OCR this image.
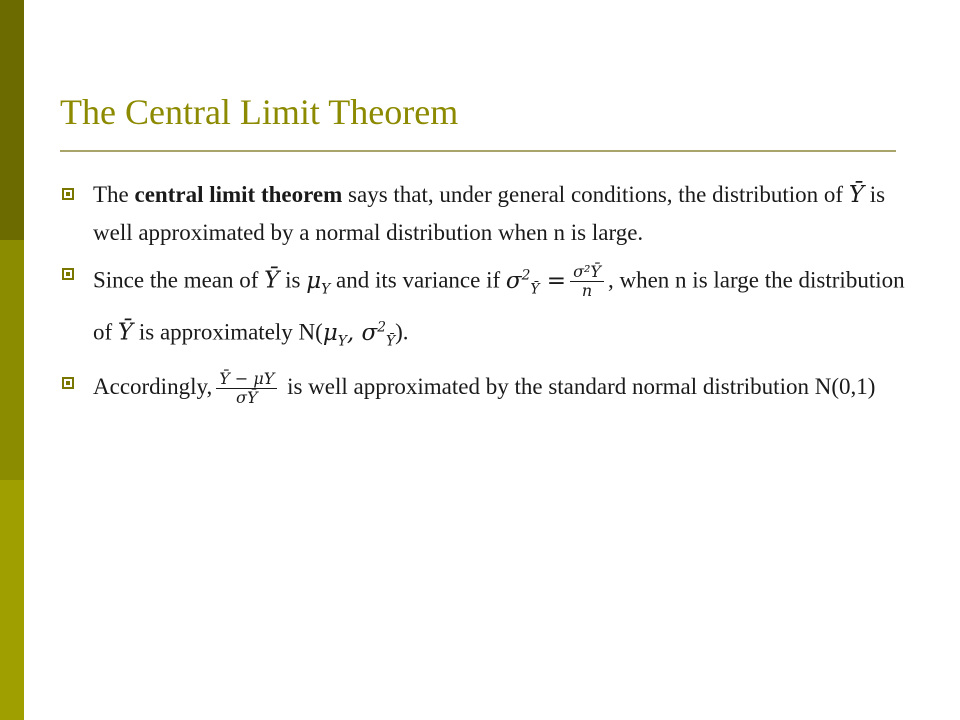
The Central Limit Theorem
The central limit theorem says that, under general conditions, the distribution of Ȳ is well approximated by a normal distribution when n is large.
Since the mean of Ȳ is $\mu_Y$ and its variance if $\sigma^2_Ȳ = \frac{\text{σ²Ȳ}}{n}$ , when n is large the distribution of Ȳ is approximately $N(\mu_Y$, $\sigma^2_Ȳ$).
Accordingly, $\frac{Ȳ - \mu Y}{\sigma Ȳ}$ is well approximated by the standard normal distribution N(0,1)
